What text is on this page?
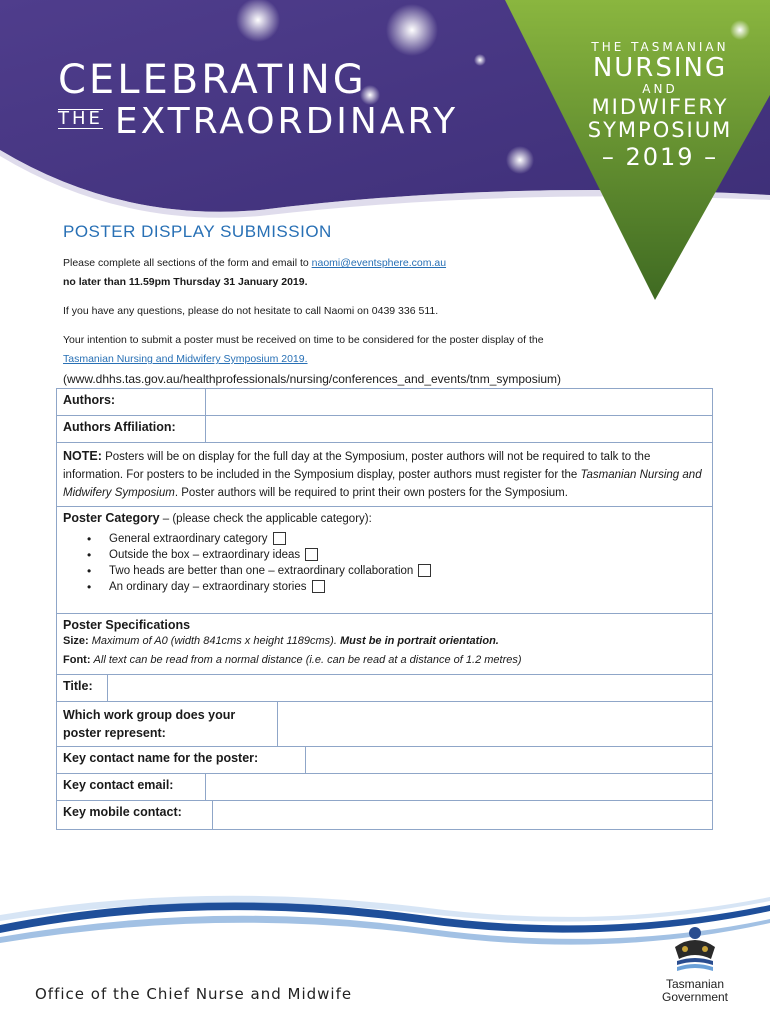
CELEBRATING
THE EXTRAORDINARY
THE TASMANIAN
NURSING
AND
MIDWIFERY
SYMPOSIUM
– 2019 –
POSTER DISPLAY SUBMISSION
Please complete all sections of the form and email to naomi@eventsphere.com.au
no later than 11.59pm Thursday 31 January 2019.
If you have any questions, please do not hesitate to call Naomi on 0439 336 511.
Your intention to submit a poster must be received on time to be considered for the poster display of the
Tasmanian Nursing and Midwifery Symposium 2019.
(www.dhhs.tas.gov.au/healthprofessionals/nursing/conferences_and_events/tnm_symposium)
Authors:

Authors Affiliation:

NOTE: Posters will be on display for the full day at the Symposium, poster authors will not be required to talk to the information. For posters to be included in the Symposium display, poster authors must register for the Tasmanian Nursing and Midwifery Symposium. Poster authors will be required to print their own posters for the Symposium.

Poster Category – (please check the applicable category):
• General extraordinary category
• Outside the box – extraordinary ideas
• Two heads are better than one – extraordinary collaboration
• An ordinary day – extraordinary stories

Poster Specifications
Size: Maximum of A0 (width 841cms x height 1189cms). Must be in portrait orientation.
Font: All text can be read from a normal distance (i.e. can be read at a distance of 1.2 metres)

Title:

Which work group does your poster represent:

Key contact name for the poster:

Key contact email:

Key mobile contact:
Office of the Chief Nurse and Midwife
Tasmanian
Government
